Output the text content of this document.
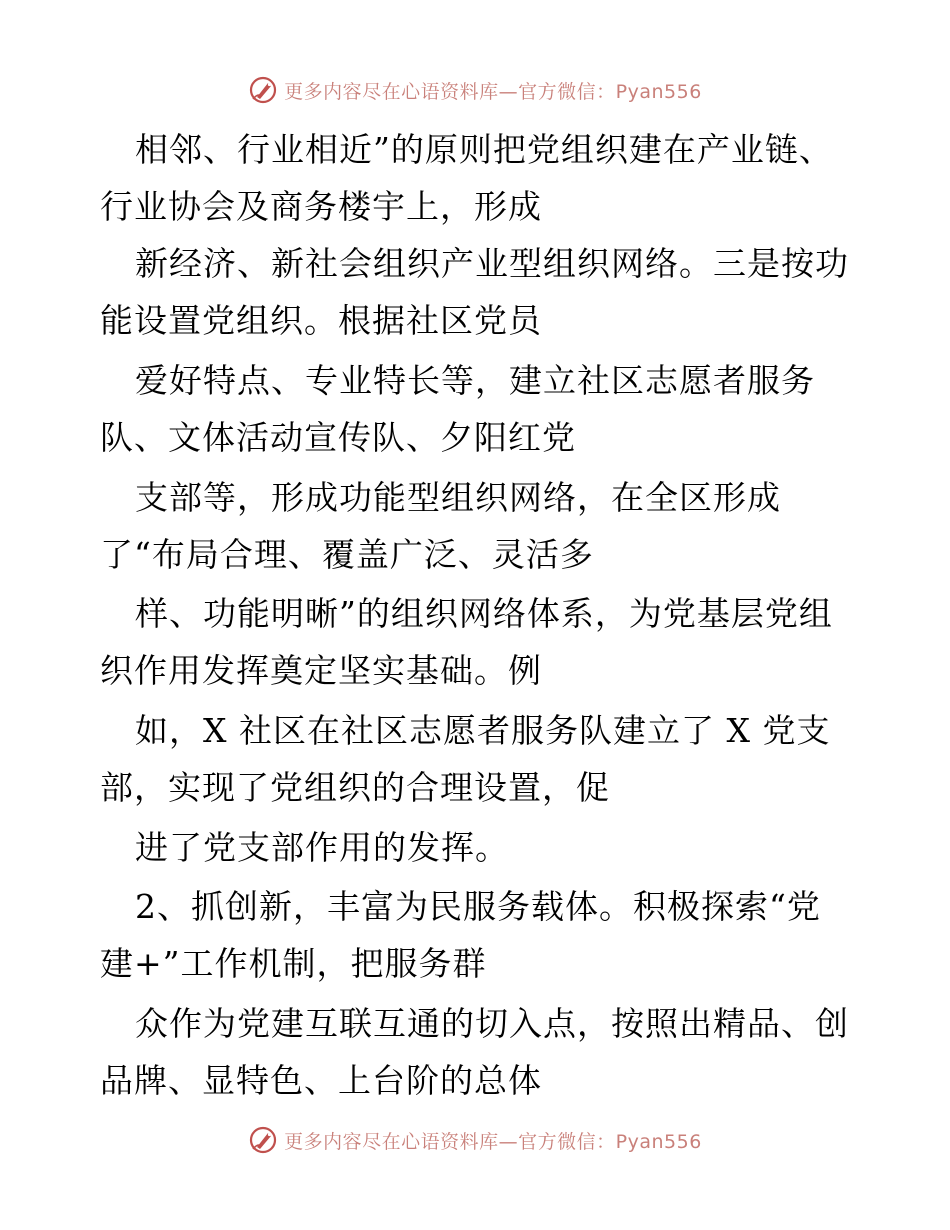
更多内容尽在心语资料库—官方微信：Pyan556
相邻、行业相近”的原则把党组织建在产业链、
行业协会及商务楼宇上，形成
新经济、新社会组织产业型组织网络。三是按功
能设置党组织。根据社区党员
爱好特点、专业特长等，建立社区志愿者服务
队、文体活动宣传队、夕阳红党
支部等，形成功能型组织网络，在全区形成
了“布局合理、覆盖广泛、灵活多
样、功能明晰”的组织网络体系，为党基层党组
织作用发挥奠定坚实基础。例
如，X 社区在社区志愿者服务队建立了 X 党支
部，实现了党组织的合理设置，促
进了党支部作用的发挥。
2、抓创新，丰富为民服务载体。积极探索“党
建+”工作机制，把服务群
众作为党建互联互通的切入点，按照出精品、创
品牌、显特色、上台阶的总体
更多内容尽在心语资料库—官方微信：Pyan556
